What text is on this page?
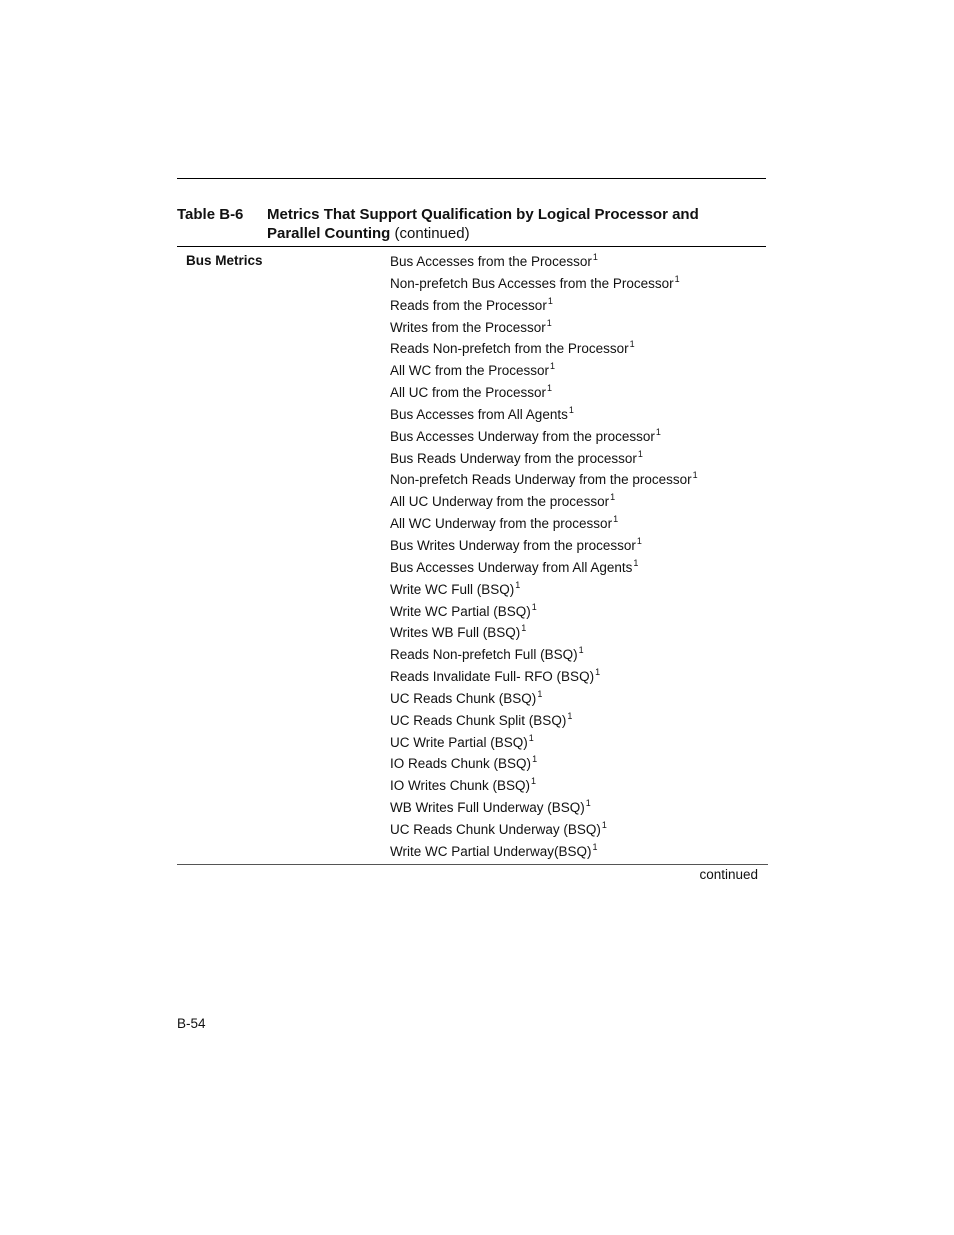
Table B-6 Metrics That Support Qualification by Logical Processor and Parallel Counting (continued)
Bus Metrics	Bus Accesses from the Processor$^1$
Non-prefetch Bus Accesses from the Processor$^1$
Reads from the Processor$^1$
Writes from the Processor$^1$
Reads Non-prefetch from the Processor$^1$
All WC from the Processor$^1$
All UC from the Processor$^1$
Bus Accesses from All Agents$^1$
Bus Accesses Underway from the processor$^1$
Bus Reads Underway from the processor$^1$
Non-prefetch Reads Underway from the processor$^1$
All UC Underway from the processor$^1$
All WC Underway from the processor$^1$
Bus Writes Underway from the processor$^1$
Bus Accesses Underway from All Agents$^1$
Write WC Full (BSQ)$^1$
Write WC Partial (BSQ)$^1$
Writes WB Full (BSQ)$^1$
Reads Non-prefetch Full (BSQ)$^1$
Reads Invalidate Full- RFO (BSQ)$^1$
UC Reads Chunk (BSQ)$^1$
UC Reads Chunk Split (BSQ)$^1$
UC Write Partial (BSQ)$^1$
IO Reads Chunk (BSQ)$^1$
IO Writes Chunk (BSQ)$^1$
WB Writes Full Underway (BSQ)$^1$
UC Reads Chunk Underway (BSQ)$^1$
Write WC Partial Underway(BSQ)$^1$
continued
B-54
